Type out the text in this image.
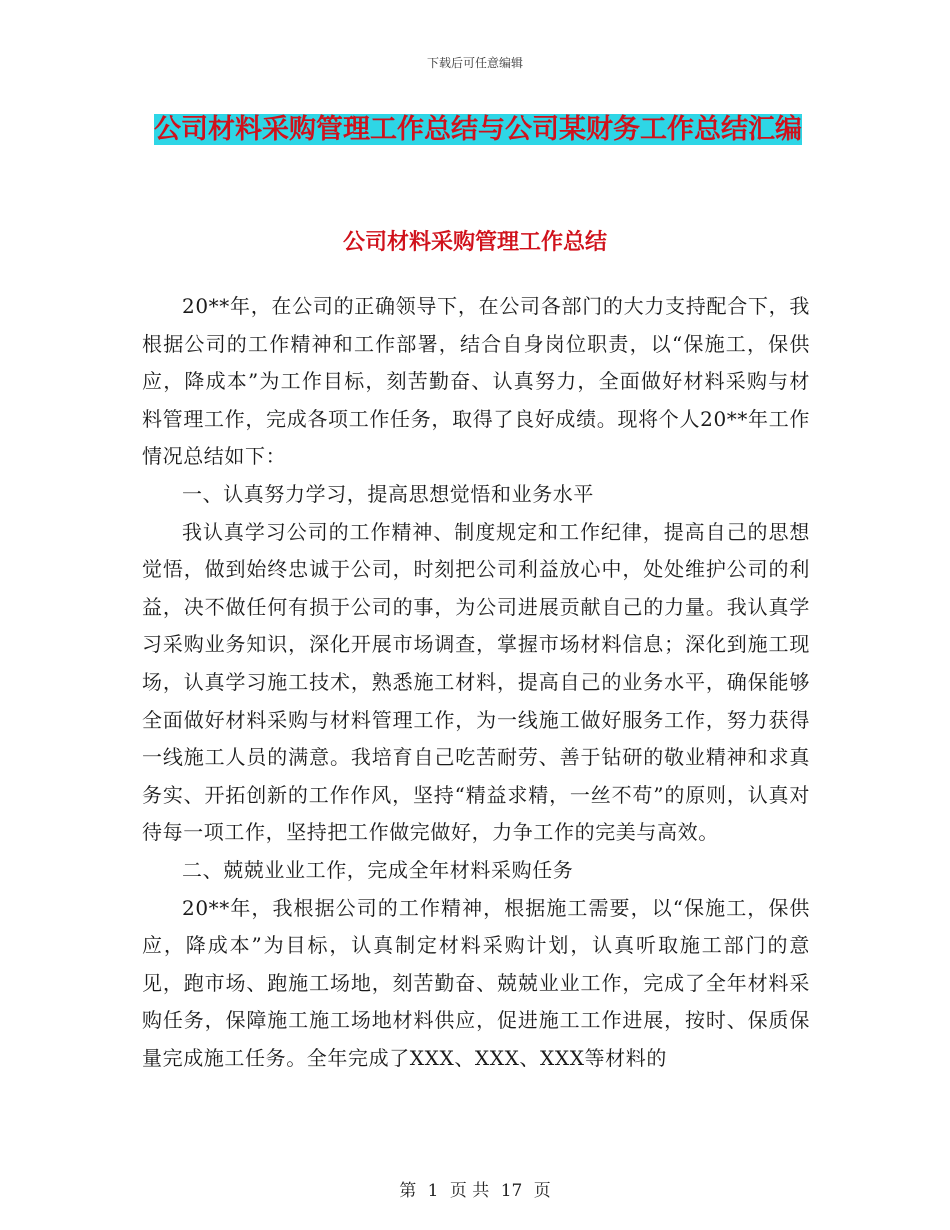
下载后可任意编辑
公司材料采购管理工作总结与公司某财务工作总结汇编
公司材料采购管理工作总结

20**年，在公司的正确领导下，在公司各部门的大力支持配合下，我根据公司的工作精神和工作部署，结合自身岗位职责，以“保施工，保供应，降成本”为工作目标，刻苦勤奋、认真努力，全面做好材料采购与材料管理工作，完成各项工作任务，取得了良好成绩。现将个人20**年工作情况总结如下：

一、认真努力学习，提高思想觉悟和业务水平

我认真学习公司的工作精神、制度规定和工作纪律，提高自己的思想觉悟，做到始终忠诚于公司，时刻把公司利益放心中，处处维护公司的利益，决不做任何有损于公司的事，为公司进展贡献自己的力量。我认真学习采购业务知识，深化开展市场调查，掌握市场材料信息；深化到施工现场，认真学习施工技术，熟悉施工材料，提高自己的业务水平，确保能够全面做好材料采购与材料管理工作，为一线施工做好服务工作，努力获得一线施工人员的满意。我培育自己吃苦耐劳、善于钻研的敬业精神和求真务实、开拓创新的工作作风，坚持“精益求精，一丝不苟”的原则，认真对待每一项工作，坚持把工作做完做好，力争工作的完美与高效。

二、兢兢业业工作，完成全年材料采购任务

20**年，我根据公司的工作精神，根据施工需要，以“保施工，保供应，降成本”为目标，认真制定材料采购计划，认真听取施工部门的意见，跑市场、跑施工场地，刻苦勤奋、兢兢业业工作，完成了全年材料采购任务，保障施工施工场地材料供应，促进施工工作进展，按时、保质保量完成施工任务。全年完成了XXX、XXX、XXX等材料的

第 1 页 共 17 页
